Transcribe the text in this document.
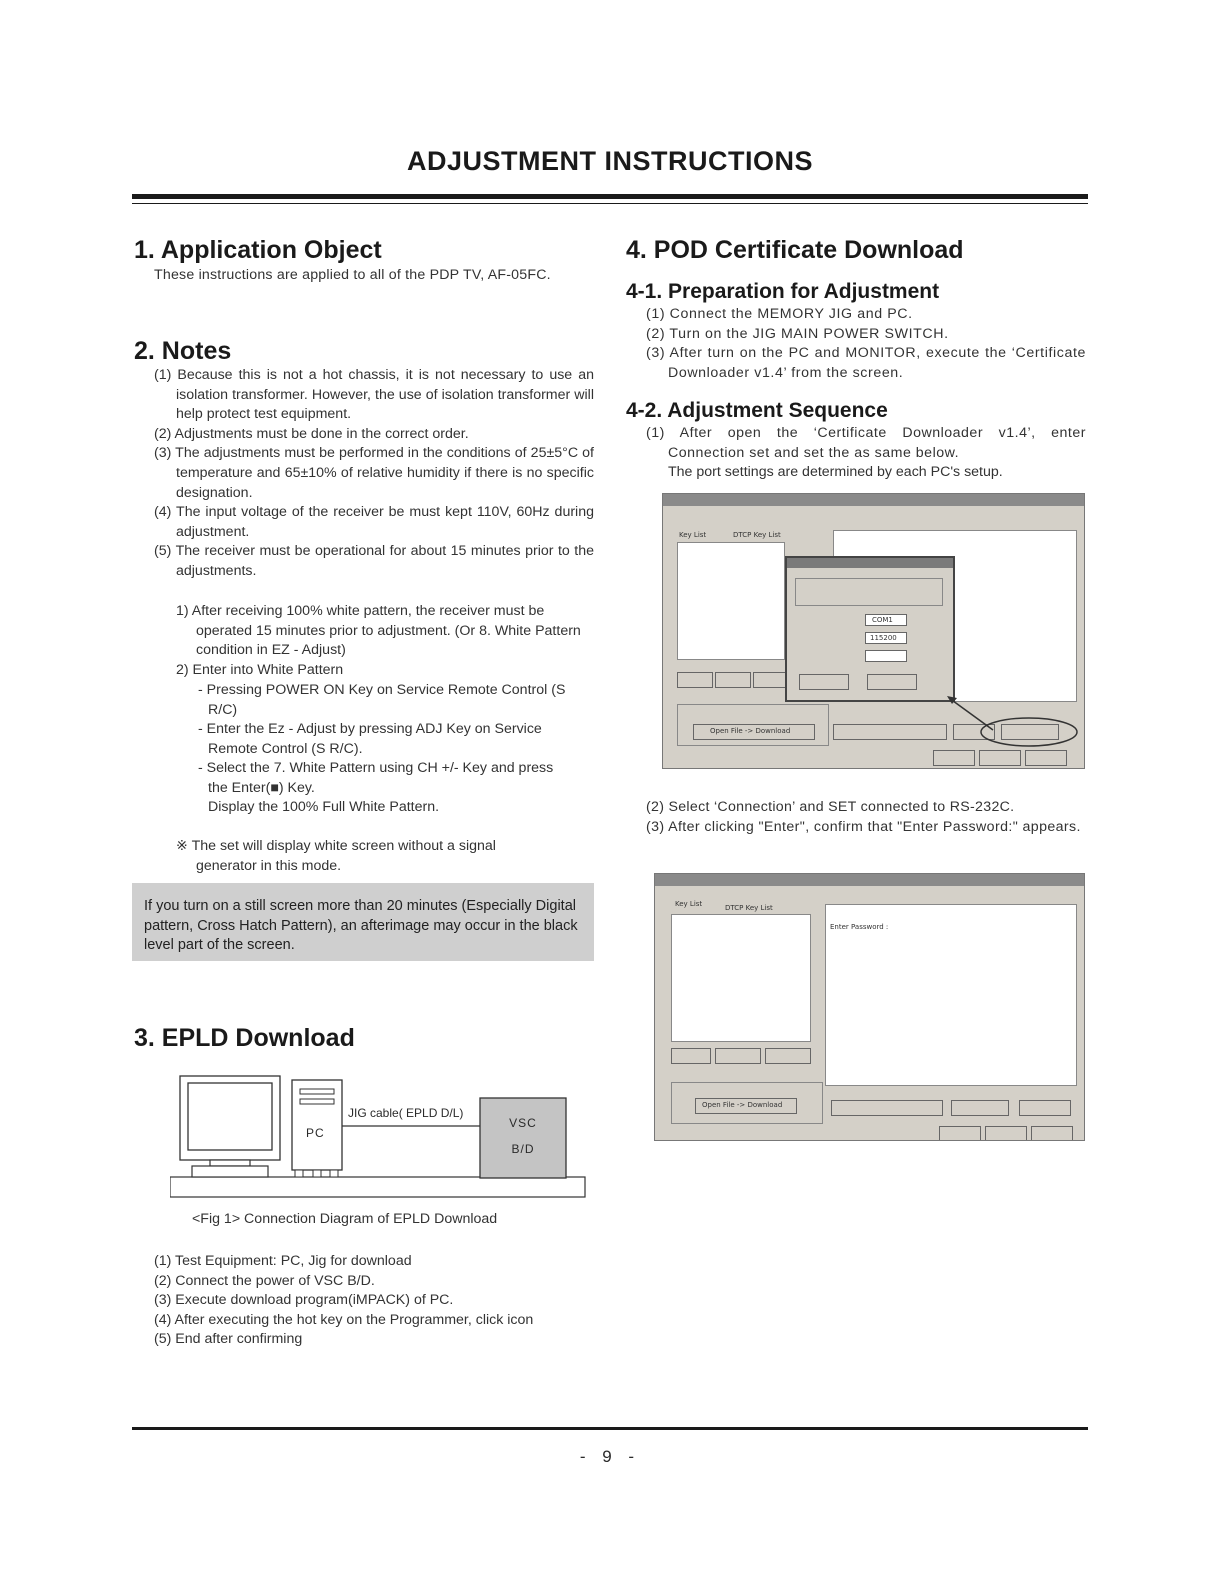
ADJUSTMENT INSTRUCTIONS
1. Application Object
These instructions are applied to all of the PDP TV, AF-05FC.
2. Notes
(1) Because this is not a hot chassis, it is not necessary to use an isolation transformer. However, the use of isolation transformer will help protect test equipment.
(2) Adjustments must be done in the correct order.
(3) The adjustments must be performed in the conditions of 25±5°C of temperature and 65±10% of relative humidity if there is no specific designation.
(4) The input voltage of the receiver be must kept 110V, 60Hz during adjustment.
(5) The receiver must be operational for about 15 minutes prior to the adjustments.
1) After receiving 100% white pattern, the receiver must be operated 15 minutes prior to adjustment. (Or 8. White Pattern condition in EZ - Adjust)
2) Enter into White Pattern
- Pressing POWER ON Key on Service Remote Control (S R/C)
- Enter the Ez - Adjust by pressing ADJ Key on Service Remote Control (S R/C).
- Select the 7. White Pattern using CH +/- Key and press the Enter(■) Key.
Display the 100% Full White Pattern.
※ The set will display white screen without a signal generator in this mode.
If you turn on a still screen more than 20 minutes (Especially Digital pattern, Cross Hatch Pattern), an afterimage may occur in the black level part of the screen.
3. EPLD Download
PC
JIG cable( EPLD D/L)
VSC
B/D
<Fig 1> Connection Diagram of EPLD Download
(1) Test Equipment: PC, Jig for download
(2) Connect the power of VSC B/D.
(3) Execute download program(iMPACK) of PC.
(4) After executing the hot key on the Programmer, click icon
(5) End after confirming
4. POD Certificate Download
4-1. Preparation for Adjustment
(1) Connect the MEMORY JIG and PC.
(2) Turn on the JIG MAIN POWER SWITCH.
(3) After turn on the PC and MONITOR, execute the ‘Certificate Downloader v1.4’ from the screen.
4-2. Adjustment Sequence
(1) After open the ‘Certificate Downloader v1.4’, enter Connection set and set the as same below.
The port settings are determined by each PC's setup.
Key List	DTCP Key List
Open File -> Download
COM1
115200
(2) Select ‘Connection’ and SET connected to RS-232C.
(3) After clicking "Enter", confirm that "Enter Password:" appears.
Key List	DTCP Key List
Enter Password :
Open File -> Download
- 9 -
